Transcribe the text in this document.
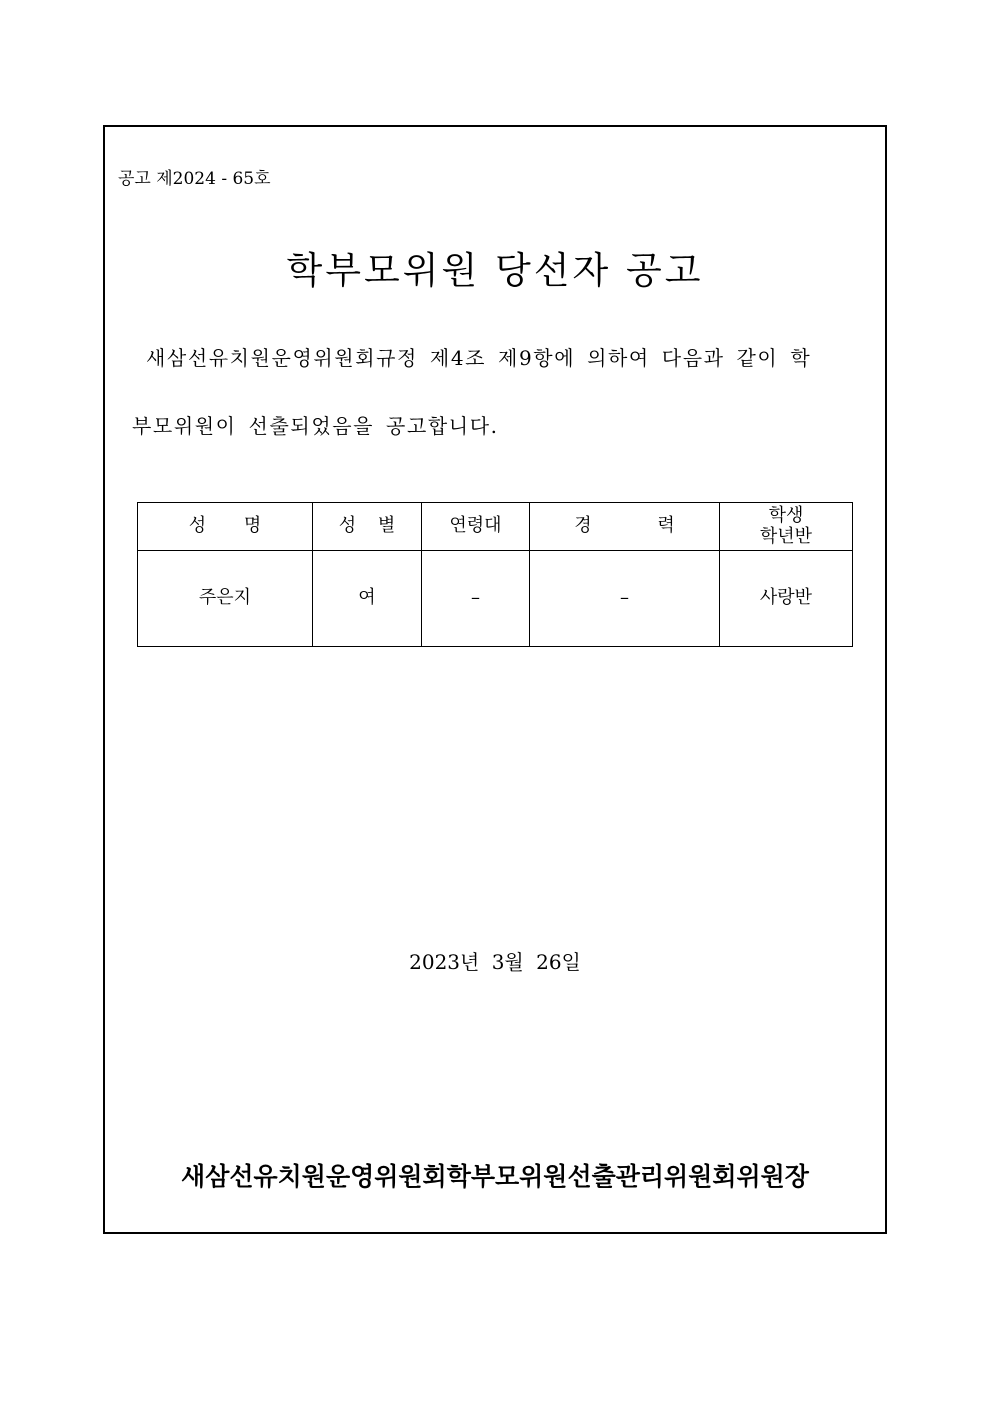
공고 제2024 - 65호
학부모위원 당선자 공고
새삼선유치원운영위원회규정 제4조 제9항에 의하여 다음과 같이 학
부모위원이 선출되었음을 공고합니다.
성 명	성 별	연령대	경 력	학생
학년반

주은지	여	–	–	사랑반
2023년 3월 26일
새삼선유치원운영위원회학부모위원선출관리위원회위원장
